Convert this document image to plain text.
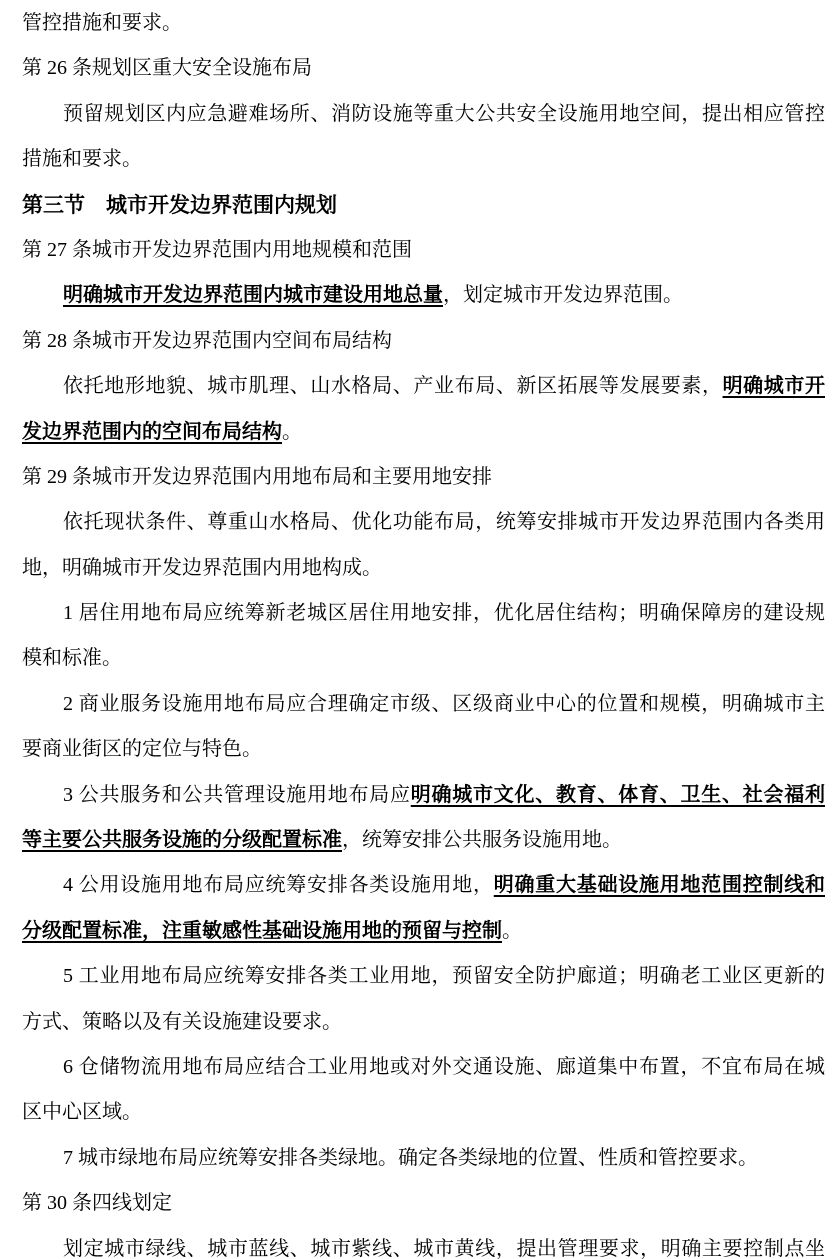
管控措施和要求。

第 26 条规划区重大安全设施布局

预留规划区内应急避难场所、消防设施等重大公共安全设施用地空间，提出相应管控

措施和要求。

第三节　城市开发边界范围内规划

第 27 条城市开发边界范围内用地规模和范围

明确城市开发边界范围内城市建设用地总量，划定城市开发边界范围。

第 28 条城市开发边界范围内空间布局结构

依托地形地貌、城市肌理、山水格局、产业布局、新区拓展等发展要素，明确城市开

发边界范围内的空间布局结构。

第 29 条城市开发边界范围内用地布局和主要用地安排

依托现状条件、尊重山水格局、优化功能布局，统筹安排城市开发边界范围内各类用

地，明确城市开发边界范围内用地构成。

1 居住用地布局应统筹新老城区居住用地安排，优化居住结构；明确保障房的建设规

模和标准。

2 商业服务设施用地布局应合理确定市级、区级商业中心的位置和规模，明确城市主

要商业街区的定位与特色。

3 公共服务和公共管理设施用地布局应明确城市文化、教育、体育、卫生、社会福利

等主要公共服务设施的分级配置标准，统筹安排公共服务设施用地。

4 公用设施用地布局应统筹安排各类设施用地，明确重大基础设施用地范围控制线和

分级配置标准，注重敏感性基础设施用地的预留与控制。

5 工业用地布局应统筹安排各类工业用地，预留安全防护廊道；明确老工业区更新的

方式、策略以及有关设施建设要求。

6 仓储物流用地布局应结合工业用地或对外交通设施、廊道集中布置，不宜布局在城

区中心区域。

7 城市绿地布局应统筹安排各类绿地。确定各类绿地的位置、性质和管控要求。

第 30 条四线划定

划定城市绿线、城市蓝线、城市紫线、城市黄线，提出管理要求，明确主要控制点坐
